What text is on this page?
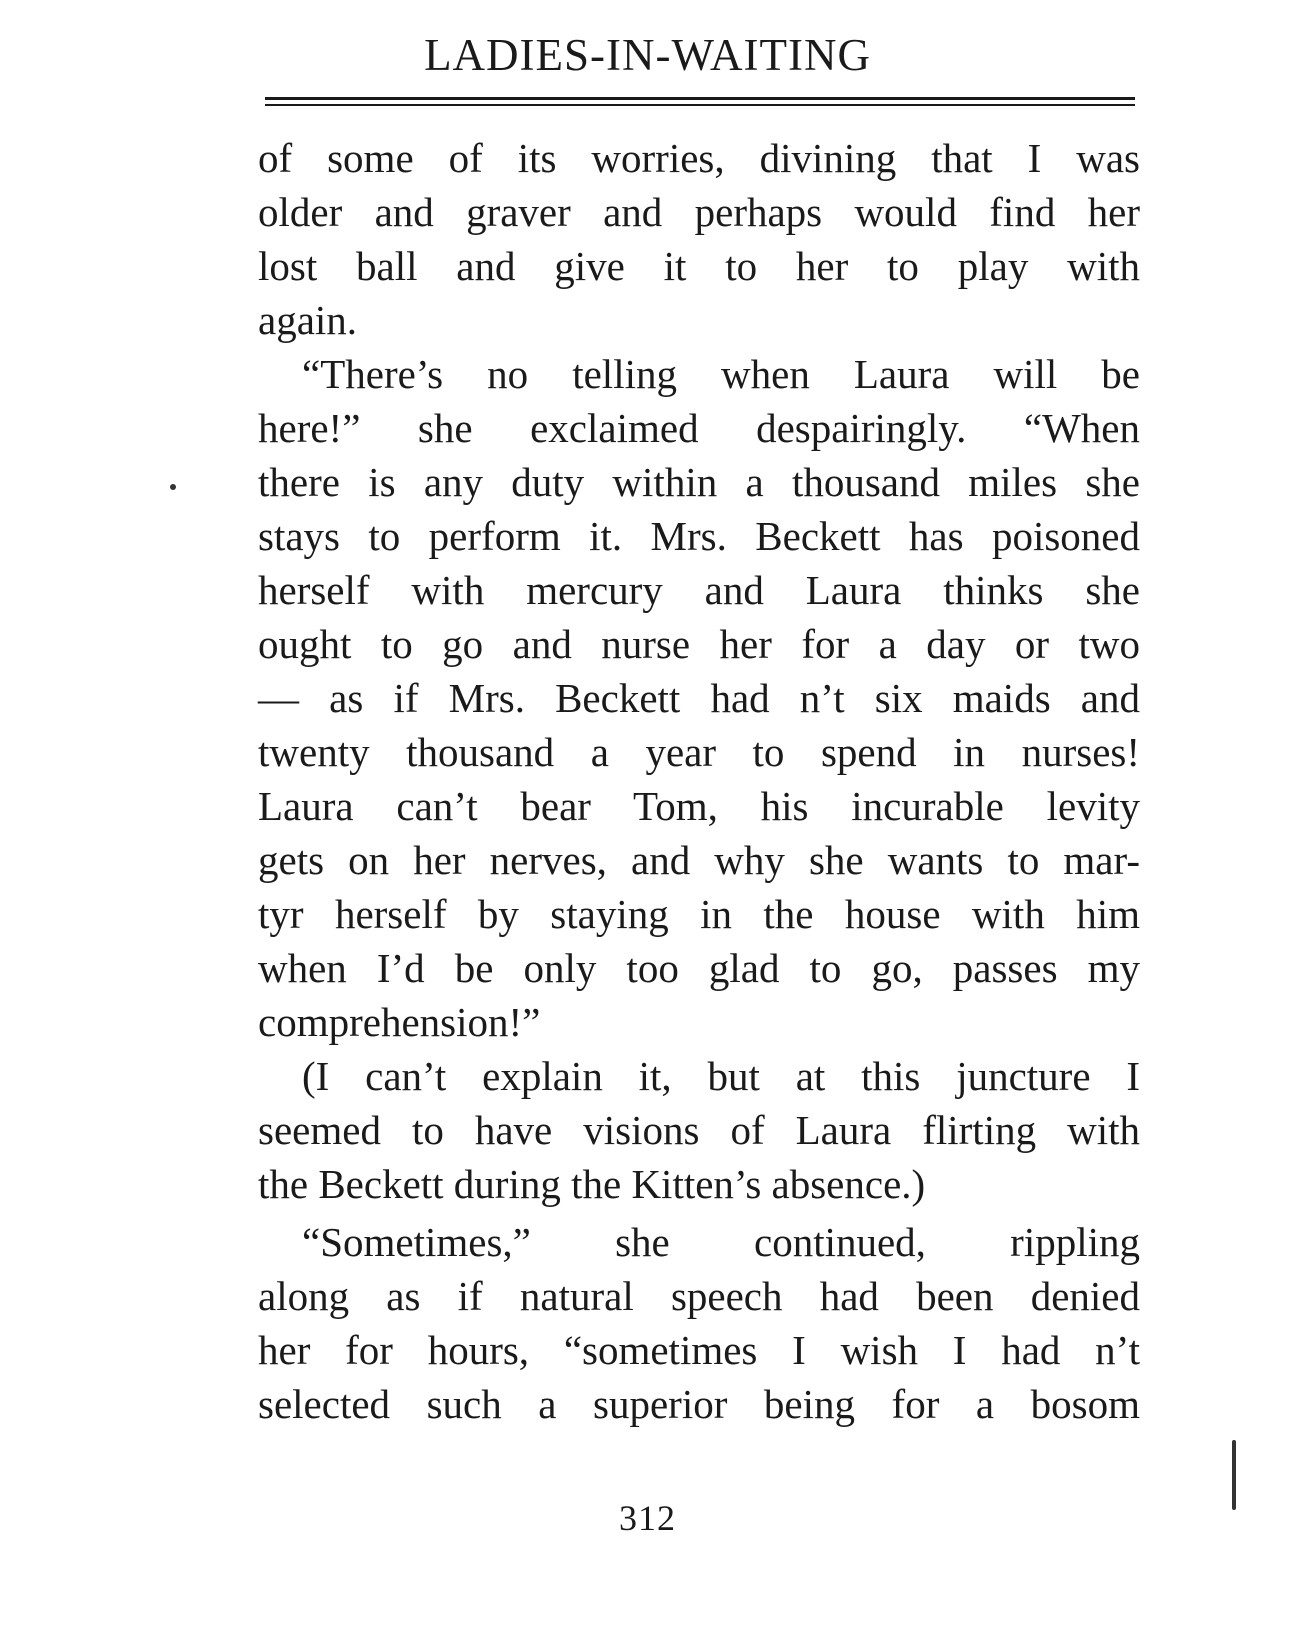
LADIES-IN-WAITING
of some of its worries, divining that I was
older and graver and perhaps would find her
lost ball and give it to her to play with
again.
“There’s no telling when Laura will be
here!” she exclaimed despairingly. “When
there is any duty within a thousand miles she
stays to perform it. Mrs. Beckett has poisoned
herself with mercury and Laura thinks she
ought to go and nurse her for a day or two
— as if Mrs. Beckett had n’t six maids and
twenty thousand a year to spend in nurses!
Laura can’t bear Tom, his incurable levity
gets on her nerves, and why she wants to mar-
tyr herself by staying in the house with him
when I’d be only too glad to go, passes my
comprehension!”
(I can’t explain it, but at this juncture I
seemed to have visions of Laura flirting with
the Beckett during the Kitten’s absence.)
“Sometimes,” she continued, rippling
along as if natural speech had been denied
her for hours, “sometimes I wish I had n’t
selected such a superior being for a bosom
312
